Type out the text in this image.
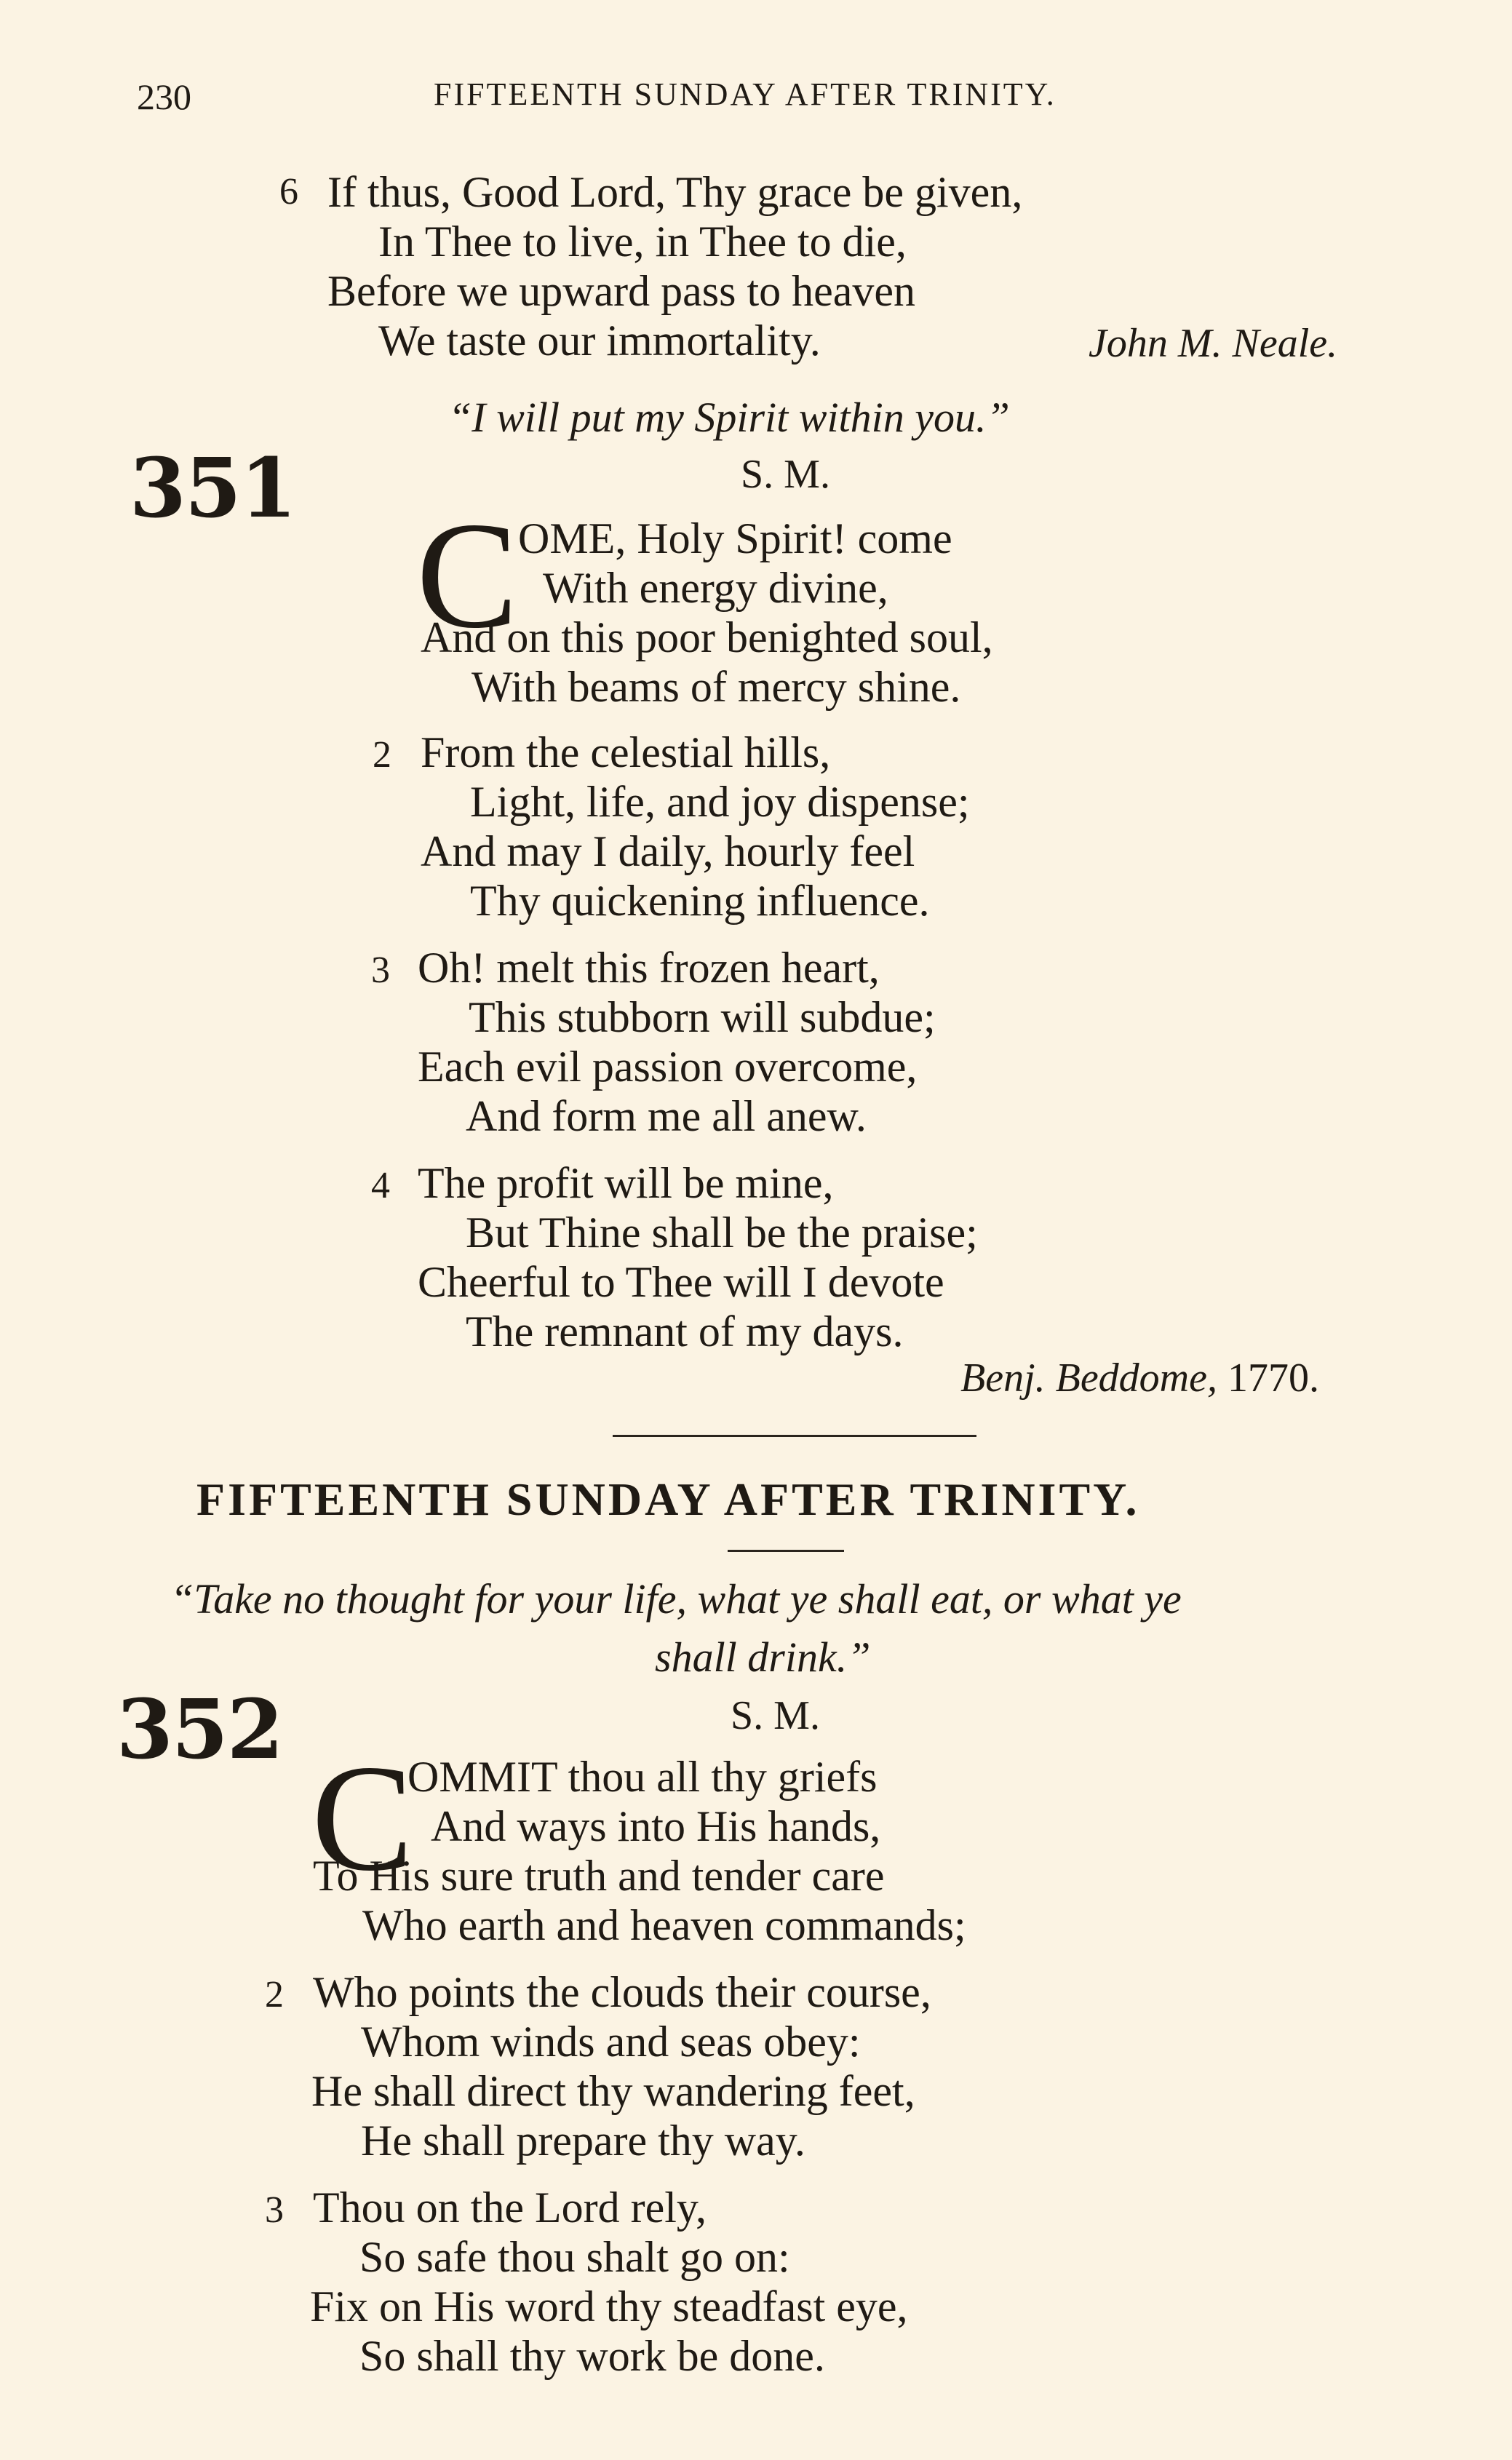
230	FIFTEENTH SUNDAY AFTER TRINITY.
6 If thus, Good Lord, Thy grace be given,
In Thee to live, in Thee to die,
Before we upward pass to heaven
We taste our immortality.	John M. Neale.
“I will put my Spirit within you.”
351	S. M.
C OME, Holy Spirit! come
With energy divine,
And on this poor benighted soul,
With beams of mercy shine.
2 From the celestial hills,
Light, life, and joy dispense;
And may I daily, hourly feel
Thy quickening influence.
3 Oh! melt this frozen heart,
This stubborn will subdue;
Each evil passion overcome,
And form me all anew.
4 The profit will be mine,
But Thine shall be the praise;
Cheerful to Thee will I devote
The remnant of my days.
Benj. Beddome, 1770.
FIFTEENTH SUNDAY AFTER TRINITY.
“Take no thought for your life, what ye shall eat, or what ye
shall drink.”
352	S. M.
C
OMMIT thou all thy griefs
And ways into His hands,
To His sure truth and tender care
Who earth and heaven commands;
2 Who points the clouds their course,
Whom winds and seas obey:
He shall direct thy wandering feet,
He shall prepare thy way.
3 Thou on the Lord rely,
So safe thou shalt go on:
Fix on His word thy steadfast eye,
So shall thy work be done.
